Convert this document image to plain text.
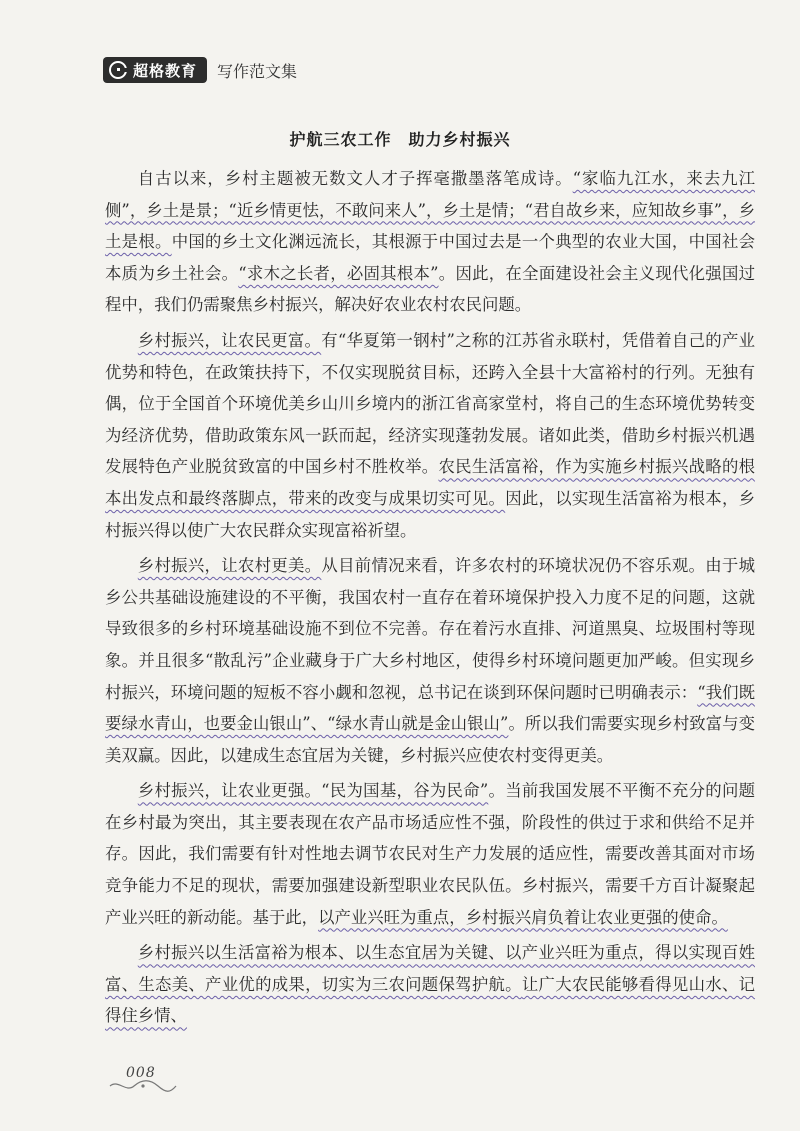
超格教育 写作范文集
护航三农工作　助力乡村振兴

自古以来，乡村主题被无数文人才子挥毫撒墨落笔成诗。“家临九江水，来去九江侧”，乡土是景；“近乡情更怯，不敢问来人”，乡土是情；“君自故乡来，应知故乡事”，乡土是根。中国的乡土文化渊远流长，其根源于中国过去是一个典型的农业大国，中国社会本质为乡土社会。“求木之长者，必固其根本”。因此，在全面建设社会主义现代化强国过程中，我们仍需聚焦乡村振兴，解决好农业农村农民问题。

乡村振兴，让农民更富。有“华夏第一钢村”之称的江苏省永联村，凭借着自己的产业优势和特色，在政策扶持下，不仅实现脱贫目标，还跨入全县十大富裕村的行列。无独有偶，位于全国首个环境优美乡山川乡境内的浙江省高家堂村，将自己的生态环境优势转变为经济优势，借助政策东风一跃而起，经济实现蓬勃发展。诸如此类，借助乡村振兴机遇发展特色产业脱贫致富的中国乡村不胜枚举。农民生活富裕，作为实施乡村振兴战略的根本出发点和最终落脚点，带来的改变与成果切实可见。因此，以实现生活富裕为根本，乡村振兴得以使广大农民群众实现富裕祈望。

乡村振兴，让农村更美。从目前情况来看，许多农村的环境状况仍不容乐观。由于城乡公共基础设施建设的不平衡，我国农村一直存在着环境保护投入力度不足的问题，这就导致很多的乡村环境基础设施不到位不完善。存在着污水直排、河道黑臭、垃圾围村等现象。并且很多“散乱污”企业藏身于广大乡村地区，使得乡村环境问题更加严峻。但实现乡村振兴，环境问题的短板不容小觑和忽视，总书记在谈到环保问题时已明确表示：“我们既要绿水青山，也要金山银山”、“绿水青山就是金山银山”。所以我们需要实现乡村致富与变美双赢。因此，以建成生态宜居为关键，乡村振兴应使农村变得更美。

乡村振兴，让农业更强。“民为国基，谷为民命”。当前我国发展不平衡不充分的问题在乡村最为突出，其主要表现在农产品市场适应性不强，阶段性的供过于求和供给不足并存。因此，我们需要有针对性地去调节农民对生产力发展的适应性，需要改善其面对市场竞争能力不足的现状，需要加强建设新型职业农民队伍。乡村振兴，需要千方百计凝聚起产业兴旺的新动能。基于此，以产业兴旺为重点，乡村振兴肩负着让农业更强的使命。

乡村振兴以生活富裕为根本、以生态宜居为关键、以产业兴旺为重点，得以实现百姓富、生态美、产业优的成果，切实为三农问题保驾护航。让广大农民能够看得见山水、记得住乡情、

008
